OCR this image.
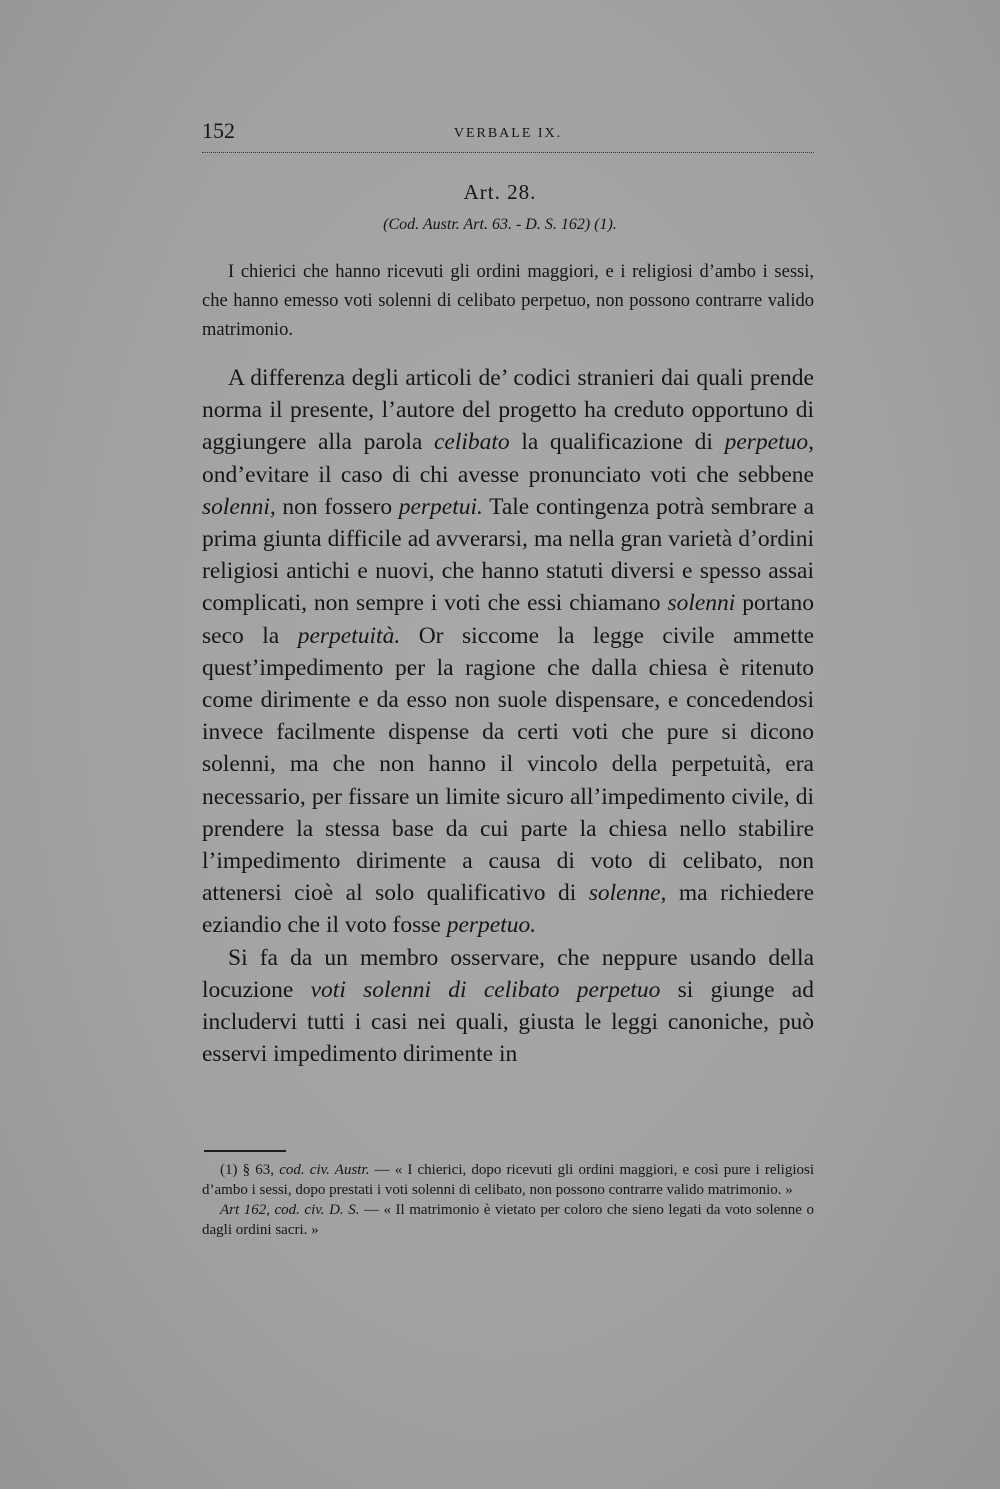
152	VERBALE IX.
Art. 28.
(Cod. Austr. Art. 63. - D. S. 162) (1).

I chierici che hanno ricevuti gli ordini maggiori, e i religiosi d’ambo i sessi, che hanno emesso voti solenni di celibato perpetuo, non possono contrarre valido matrimonio.

A differenza degli articoli de’ codici stranieri dai quali prende norma il presente, l’autore del progetto ha creduto opportuno di aggiungere alla parola celibato la qualificazione di perpetuo, ond’evitare il caso di chi avesse pronunciato voti che sebbene solenni, non fossero perpetui. Tale contingenza potrà sembrare a prima giunta difficile ad avverarsi, ma nella gran varietà d’ordini religiosi antichi e nuovi, che hanno statuti diversi e spesso assai complicati, non sempre i voti che essi chiamano solenni portano seco la perpetuità. Or siccome la legge civile ammette quest’impedimento per la ragione che dalla chiesa è ritenuto come dirimente e da esso non suole dispensare, e concedendosi invece facilmente dispense da certi voti che pure si dicono solenni, ma che non hanno il vincolo della perpetuità, era necessario, per fissare un limite sicuro all’impedimento civile, di prendere la stessa base da cui parte la chiesa nello stabilire l’impedimento dirimente a causa di voto di celibato, non attenersi cioè al solo qualificativo di solenne, ma richiedere eziandio che il voto fosse perpetuo.

Si fa da un membro osservare, che neppure usando della locuzione voti solenni di celibato perpetuo si giunge ad includervi tutti i casi nei quali, giusta le leggi canoniche, può esservi impedimento dirimente in

(1) § 63, cod. civ. Austr. — « I chierici, dopo ricevuti gli ordini maggiori, e così pure i religiosi d’ambo i sessi, dopo prestati i voti solenni di celibato, non possono contrarre valido matrimonio. »

Art 162, cod. civ. D. S. — « Il matrimonio è vietato per coloro che sieno legati da voto solenne o dagli ordini sacri. »
